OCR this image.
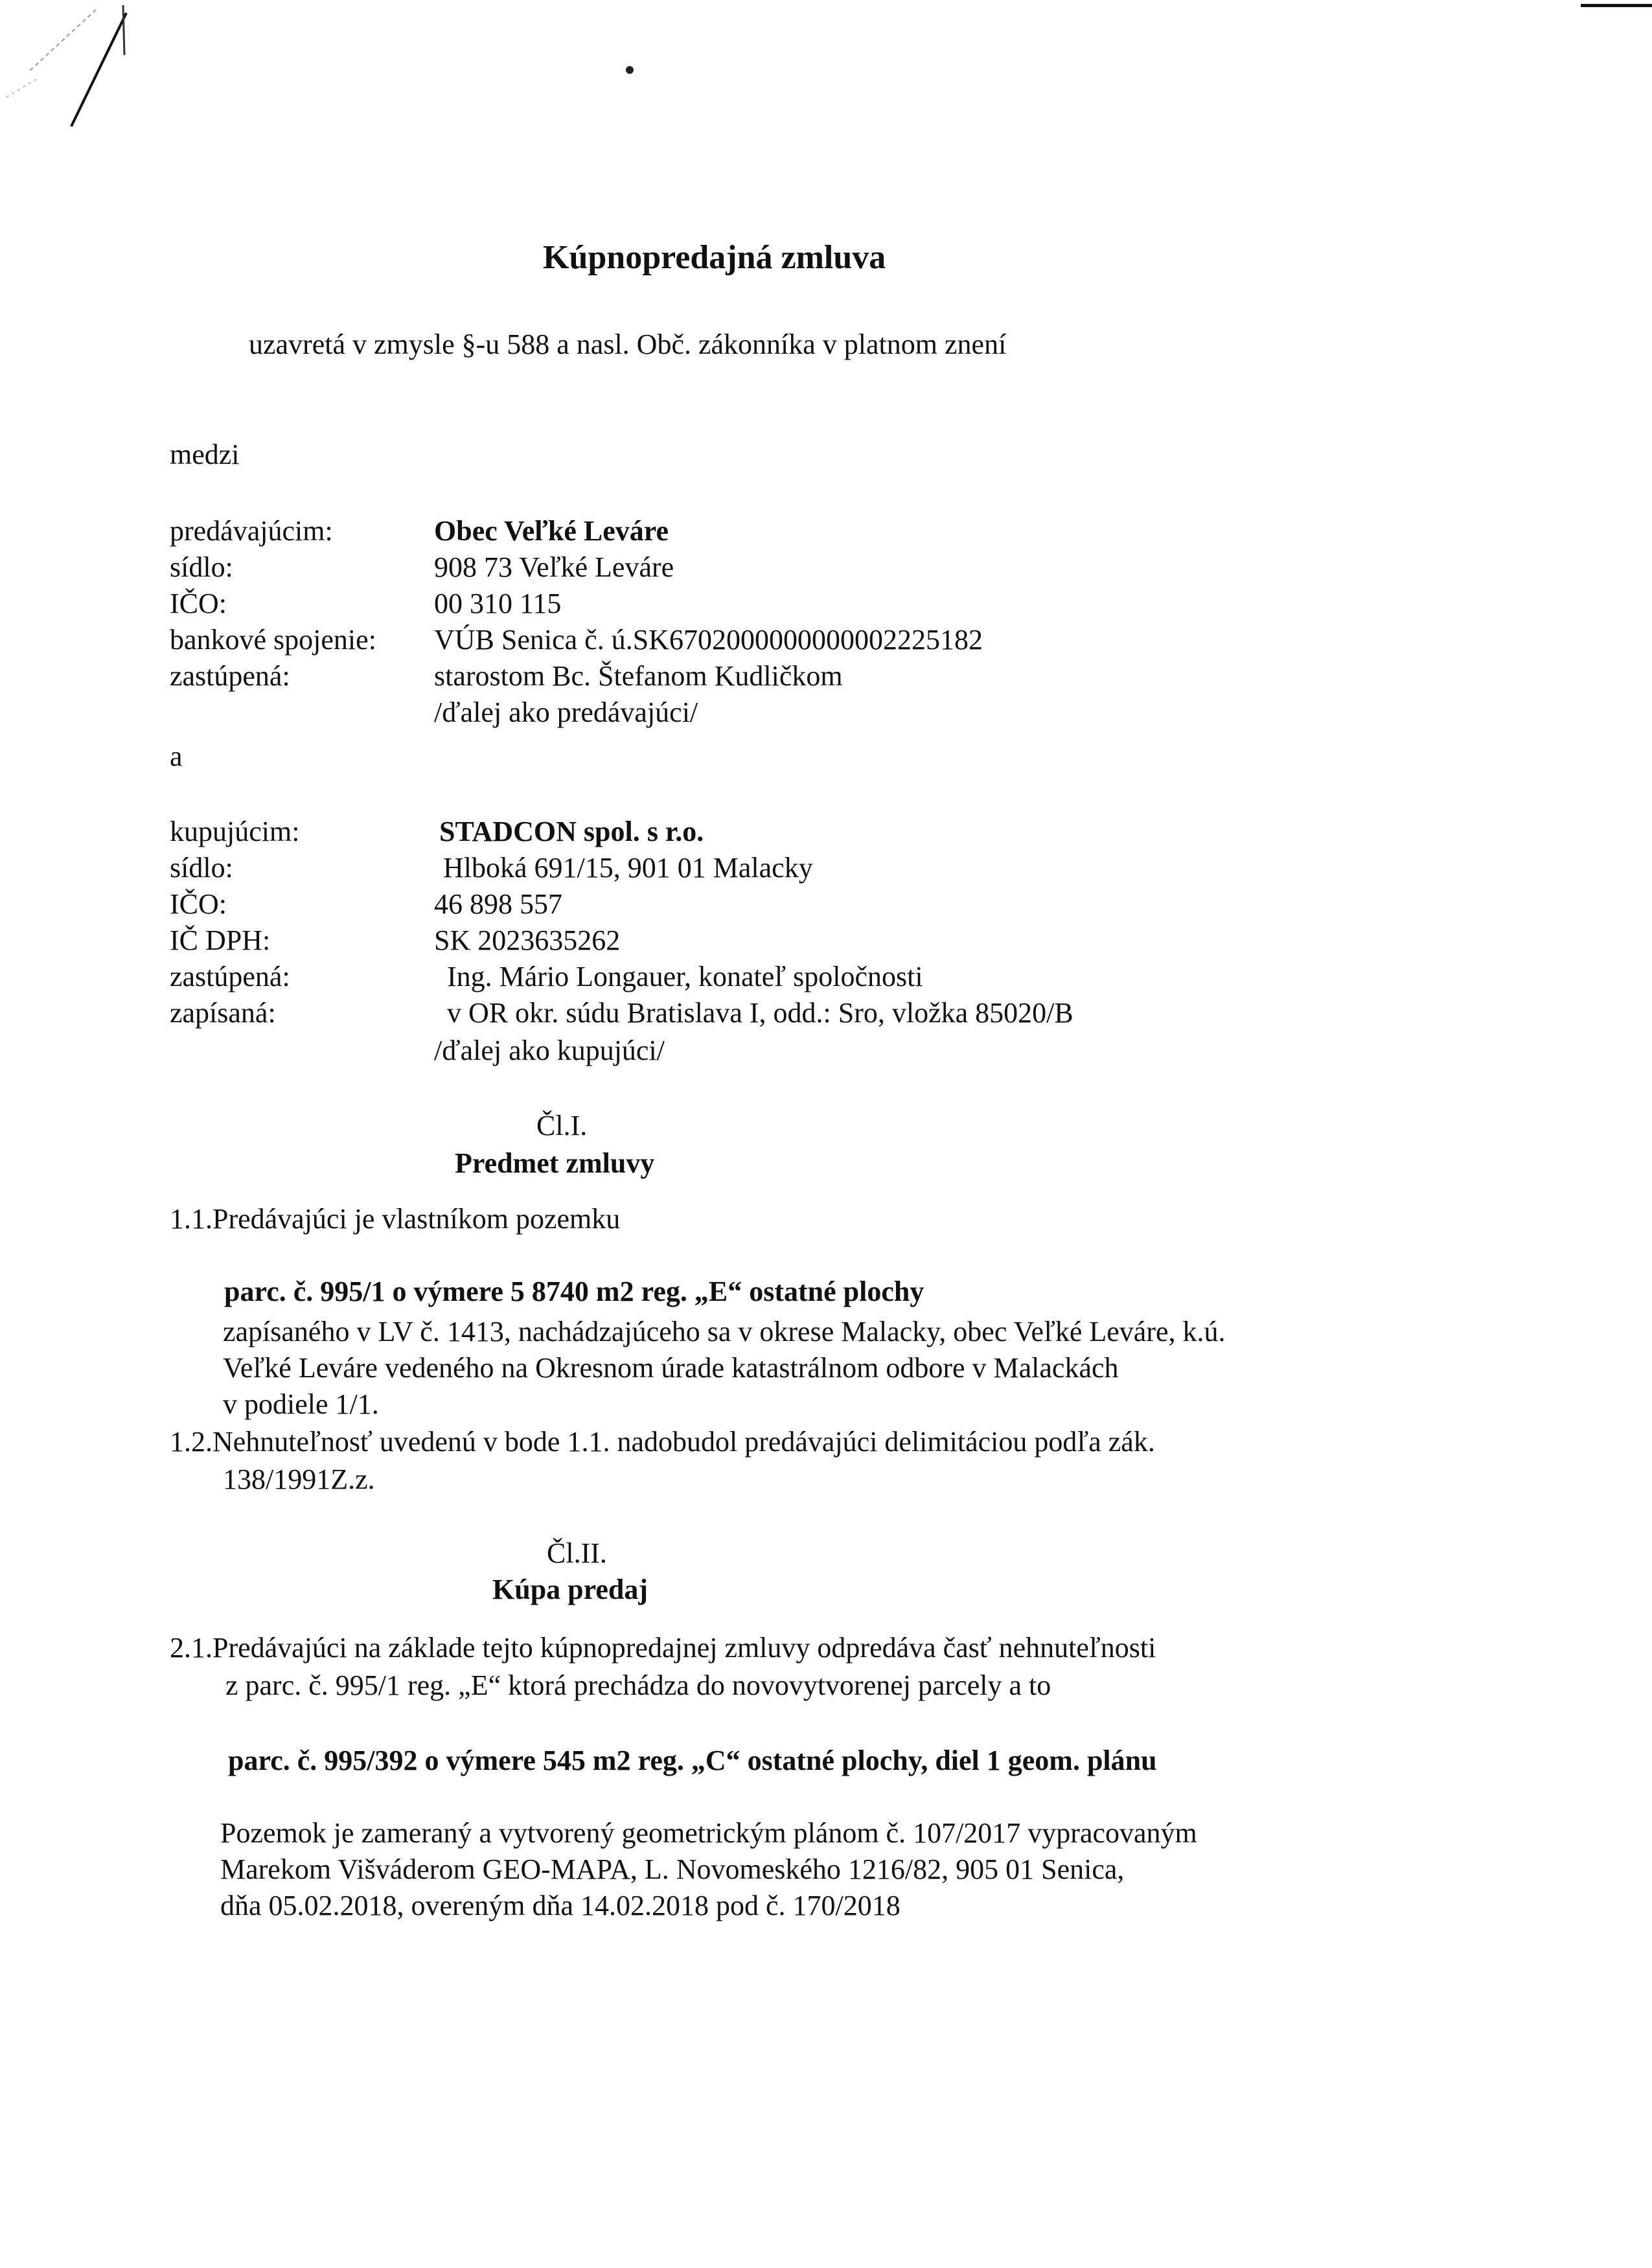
Kúpnopredajná zmluva
uzavretá v zmysle §-u 588 a nasl. Obč. zákonníka v platnom znení
medzi
predávajúcim:	Obec Veľké Leváre
sídlo:	908 73 Veľké Leváre
IČO:	00 310 115
bankové spojenie: VÚB Senica č. ú.SK6702000000000002225182
zastúpená:	starostom Bc. Štefanom Kudličkom
/ďalej ako predávajúci/
a
kupujúcim:	STADCON spol. s r.o.
sídlo:	Hlboká 691/15, 901 01 Malacky
IČO:	46 898 557
IČ DPH:	SK 2023635262
zastúpená:	Ing. Mário Longauer, konateľ spoločnosti
zapísaná:	v OR okr. súdu Bratislava I, odd.: Sro, vložka 85020/B
/ďalej ako kupujúci/
Čl.I.
Predmet zmluvy
1.1.Predávajúci je vlastníkom pozemku
parc. č. 995/1 o výmere 5 8740 m2 reg. „E“ ostatné plochy
zapísaného v LV č. 1413, nachádzajúceho sa v okrese Malacky, obec Veľké Leváre, k.ú.
Veľké Leváre vedeného na Okresnom úrade katastrálnom odbore v Malackách
v podiele 1/1.
1.2.Nehnuteľnosť uvedenú v bode 1.1. nadobudol predávajúci delimitáciou podľa zák.
138/1991Z.z.
Čl.II.
Kúpa predaj
2.1.Predávajúci na základe tejto kúpnopredajnej zmluvy odpredáva časť nehnuteľnosti
z parc. č. 995/1 reg. „E“ ktorá prechádza do novovytvorenej parcely a to
parc. č. 995/392 o výmere 545 m2 reg. „C“ ostatné plochy, diel 1 geom. plánu
Pozemok je zameraný a vytvorený geometrickým plánom č. 107/2017 vypracovaným
Marekom Višváderom GEO-MAPA, L. Novomeského 1216/82, 905 01 Senica,
dňa 05.02.2018, overeným dňa 14.02.2018 pod č. 170/2018
